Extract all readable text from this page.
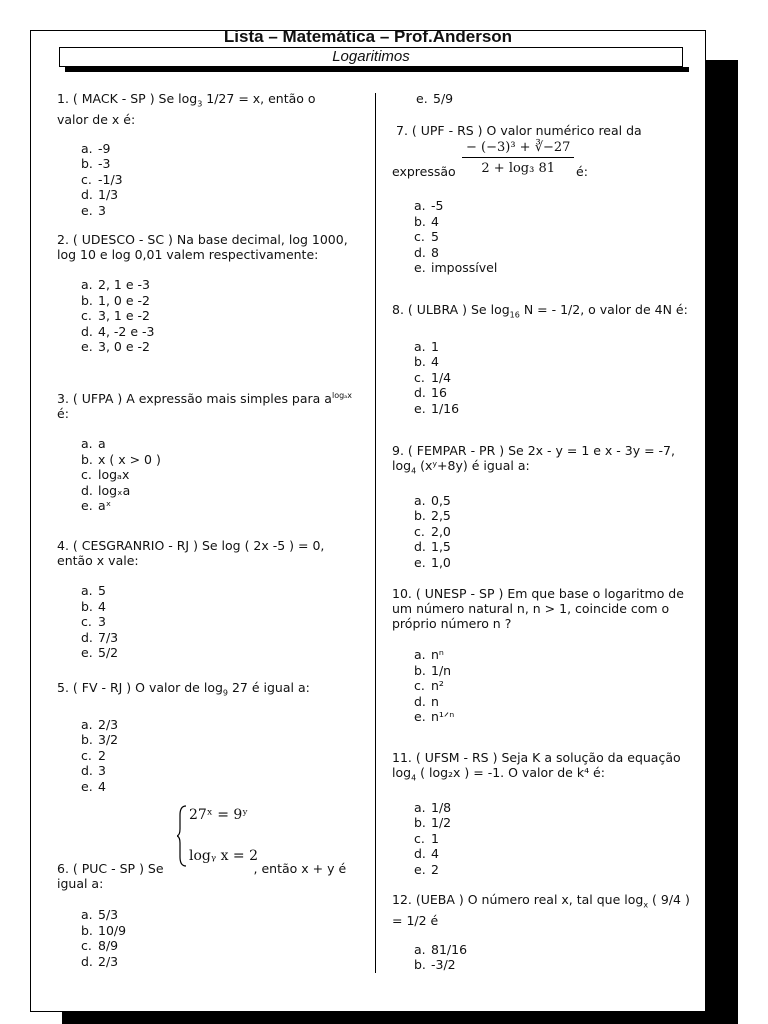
Lista – Matemática – Prof.Anderson
Logaritimos

1. ( MACK - SP ) Se $\log_3 1/27 = x$, então o valor de x é:

a. -9
b. -3
c. -1/3
d. 1/3
e. 3

2. ( UDESCO - SC ) Na base decimal, log 1000, log 10 e log 0,01 valem respectivamente:

a. 2, 1 e -3
b. 1, 0 e -2
c. 3, 1 e -2
d. 4, -2 e -3
e. 3, 0 e -2

3. ( UFPA ) A expressão mais simples para $a^{log_ax}$ é:

a. a
b. x ( x > 0 )
c. logₐx
d. logₓa
e. aˣ

4. ( CESGRANRIO - RJ ) Se log ( 2x -5 ) = 0, então x vale:

a. 5
b. 4
c. 3
d. 7/3
e. 5/2

5. ( FV - RJ ) O valor de $\log_9 27$ é igual a:

a. 2/3
b. 3/2
c. 2
d. 3
e. 4
27ˣ = 9ʸ
logᵧ x = 2

6. ( PUC - SP ) Se	, então x + y é igual a:

a. 5/3
b. 10/9
c. 8/9
d. 2/3
e. 5/9

7. ( UPF - RS ) O valor numérico real da

expressão $\frac{\text{− (−3)³ + ∛−27}}{\text{2 + log₃ 81}}$ é:
a. -5
b. 4
c. 5
d. 8
e. impossível

8. ( ULBRA ) Se $\log_{16} N$ = - 1/2, o valor de 4N é:

a. 1
b. 4
c. 1/4
d. 16
e. 1/16

9. ( FEMPAR - PR ) Se 2x - y = 1 e x - 3y = -7, $\log_4$ (xʸ+8y) é igual a:

a. 0,5
b. 2,5
c. 2,0
d. 1,5
e. 1,0

10. ( UNESP - SP ) Em que base o logaritmo de um número natural n, n > 1, coincide com o próprio número n ?

a. nⁿ
b. 1/n
c. n²
d. n
e. n¹ᐟⁿ

11. ( UFSM - RS ) Seja K a solução da equação $\log_4$ ( log₂x ) = -1. O valor de k⁴ é:

a. 1/8
b. 1/2
c. 1
d. 4
e. 2

12. (UEBA ) O número real x, tal que $\log_x$ ( 9/4 ) = 1/2 é

a. 81/16
b. -3/2
